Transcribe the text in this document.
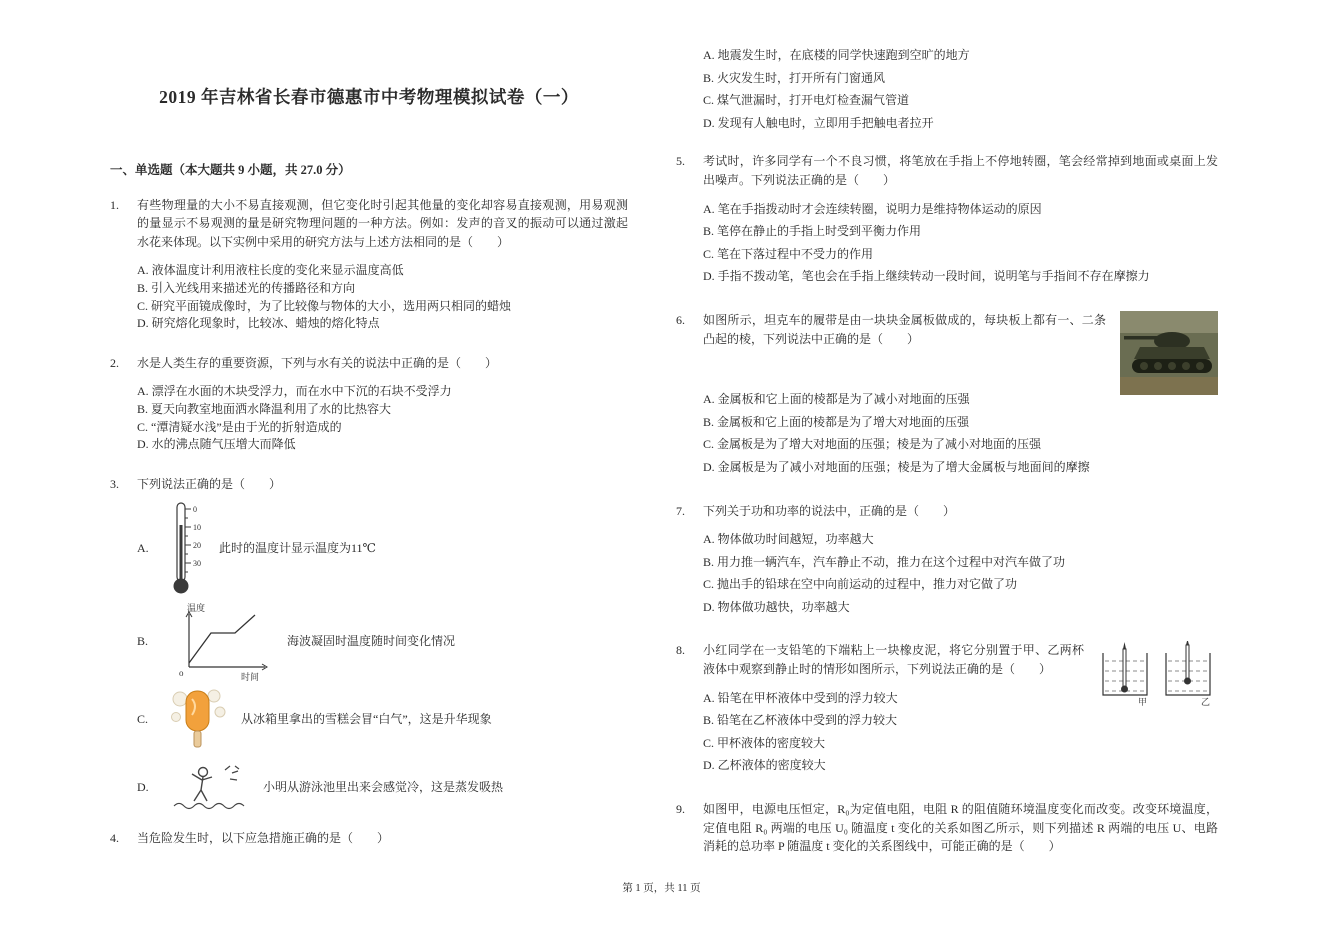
2019 年吉林省长春市德惠市中考物理模拟试卷（一）
一、单选题（本大题共 9 小题，共 27.0 分）
1.	有些物理量的大小不易直接观测，但它变化时引起其他量的变化却容易直接观测，用易观测的量显示不易观测的量是研究物理问题的一种方法。例如：发声的音叉的振动可以通过激起水花来体现。以下实例中采用的研究方法与上述方法相同的是（　　）
A. 液体温度计利用液柱长度的变化来显示温度高低
B. 引入光线用来描述光的传播路径和方向
C. 研究平面镜成像时，为了比较像与物体的大小，选用两只相同的蜡烛
D. 研究熔化现象时，比较冰、蜡烛的熔化特点
2.	水是人类生存的重要资源，下列与水有关的说法中正确的是（　　）
A. 漂浮在水面的木块受浮力，而在水中下沉的石块不受浮力
B. 夏天向教室地面洒水降温利用了水的比热容大
C. “潭清疑水浅”是由于光的折射造成的
D. 水的沸点随气压增大而降低
3.	下列说法正确的是（　　）
A.
0
10
20
30
此时的温度计显示温度为11℃
B.
温度
o	时间
海波凝固时温度随时间变化情况
C.	从冰箱里拿出的雪糕会冒“白气”，这是升华现象
D.	小明从游泳池里出来会感觉冷，这是蒸发吸热
4.	当危险发生时，以下应急措施正确的是（　　）
A. 地震发生时，在底楼的同学快速跑到空旷的地方
B. 火灾发生时，打开所有门窗通风
C. 煤气泄漏时，打开电灯检查漏气管道
D. 发现有人触电时，立即用手把触电者拉开
5.	考试时，许多同学有一个不良习惯，将笔放在手指上不停地转圈，笔会经常掉到地面或桌面上发出噪声。下列说法正确的是（　　）
A. 笔在手指拨动时才会连续转圈，说明力是维持物体运动的原因
B. 笔停在静止的手指上时受到平衡力作用
C. 笔在下落过程中不受力的作用
D. 手指不拨动笔，笔也会在手指上继续转动一段时间，说明笔与手指间不存在摩擦力
6.	如图所示，坦克车的履带是由一块块金属板做成的，每块板上都有一、二条凸起的棱，下列说法中正确的是（　　）
A. 金属板和它上面的棱都是为了减小对地面的压强
B. 金属板和它上面的棱都是为了增大对地面的压强
C. 金属板是为了增大对地面的压强；棱是为了减小对地面的压强
D. 金属板是为了减小对地面的压强；棱是为了增大金属板与地面间的摩擦
7.	下列关于功和功率的说法中，正确的是（　　）
A. 物体做功时间越短，功率越大
B. 用力推一辆汽车，汽车静止不动，推力在这个过程中对汽车做了功
C. 抛出手的铅球在空中向前运动的过程中，推力对它做了功
D. 物体做功越快，功率越大
8.
甲	乙
小红同学在一支铅笔的下端粘上一块橡皮泥，将它分别置于甲、乙两杯液体中观察到静止时的情形如图所示，下列说法正确的是（　　）
A. 铅笔在甲杯液体中受到的浮力较大
B. 铅笔在乙杯液体中受到的浮力较大
C. 甲杯液体的密度较大
D. 乙杯液体的密度较大
9.	如图甲，电源电压恒定，R₀为定值电阻，电阻 R 的阻值随环境温度变化而改变。改变环境温度，定值电阻 R₀ 两端的电压 U₀ 随温度 t 变化的关系如图乙所示，则下列描述 R 两端的电压 U、电路消耗的总功率 P 随温度 t 变化的关系图线中，可能正确的是（　　）
第 1 页，共 11 页
